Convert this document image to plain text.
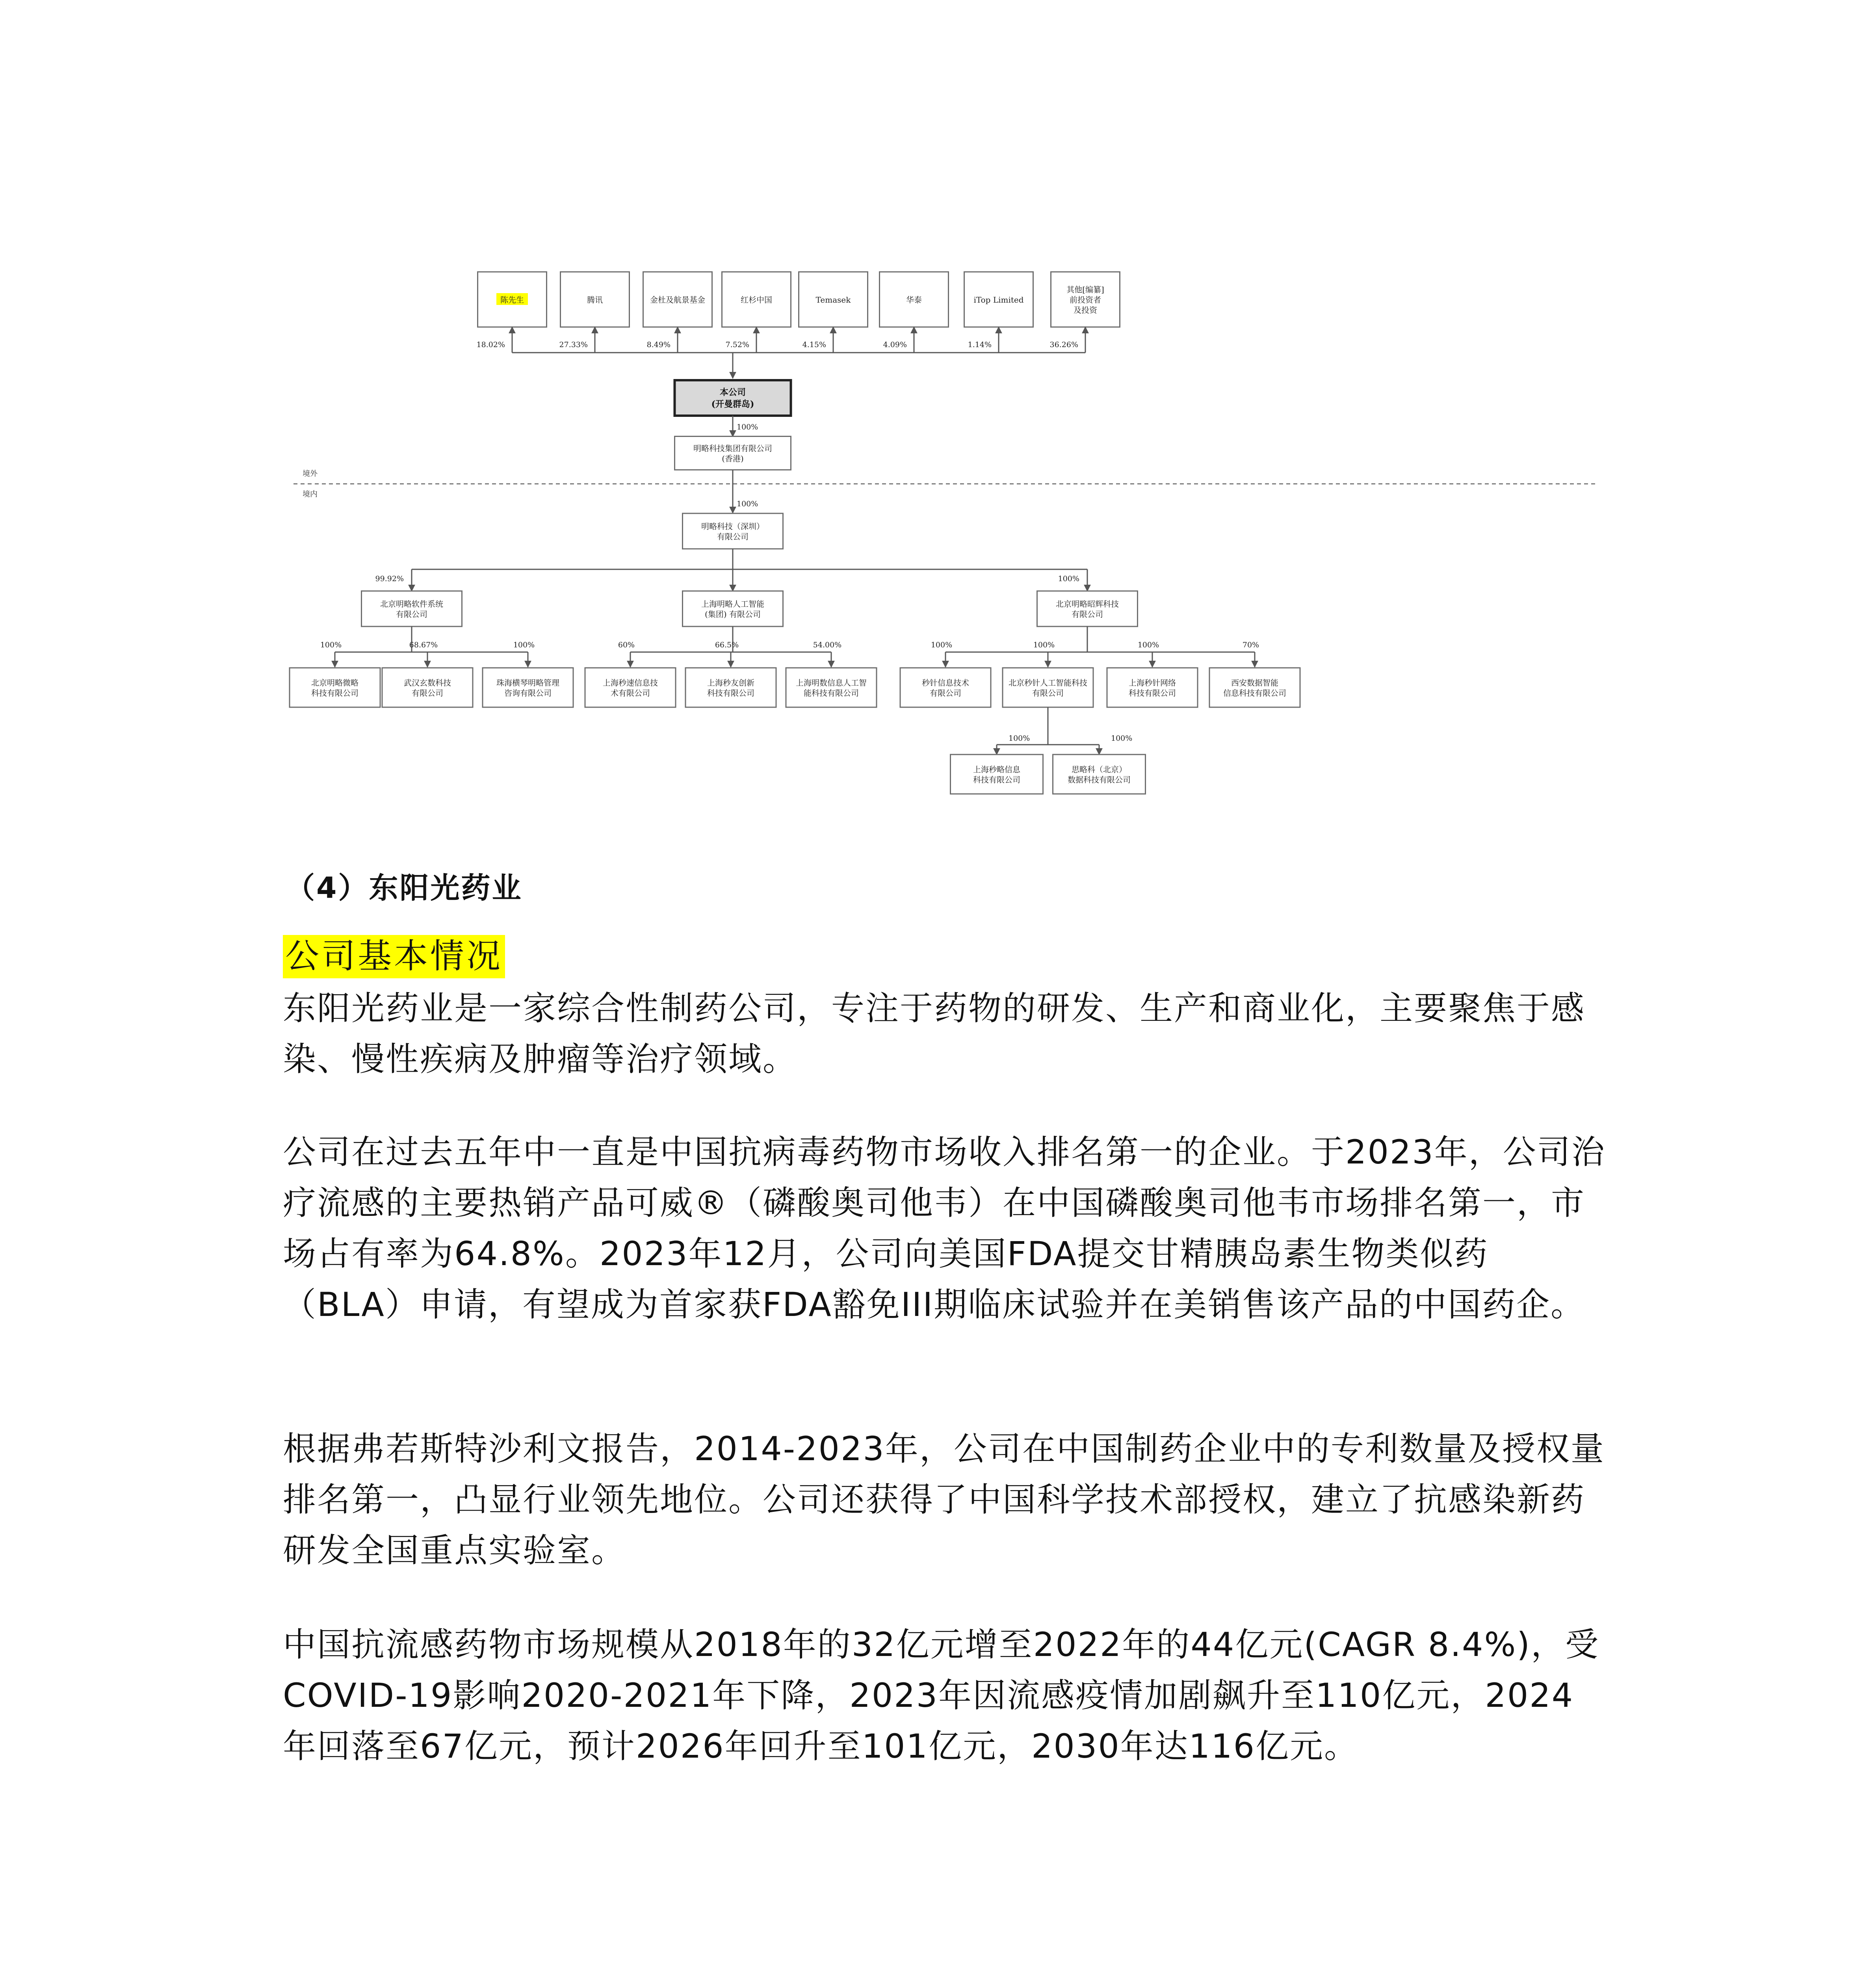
陈先生
18.02%
腾讯
27.33%
金杜及航景基金
8.49%
红杉中国
7.52%
Temasek
4.15%
华泰
4.09%
iTop Limited
1.14%
其他[编纂]
前投资者
及投资
36.26%
本公司
(开曼群岛)
100%
明略科技集团有限公司
(香港)
境外
境内
100%
明略科技（深圳）
有限公司
99.92%
北京明略软件系统
有限公司
上海明略人工智能
(集团) 有限公司
100%
北京明略昭辉科技
有限公司
100%
北京明略微略
科技有限公司
68.67%
武汉玄数科技
有限公司
100%
珠海横琴明略管理
咨询有限公司
60%
上海秒速信息技
术有限公司
66.5%
上海秒友创新
科技有限公司
54.00%
上海明数信息人工智
能科技有限公司
100%
秒针信息技术
有限公司
100%
北京秒针人工智能科技
有限公司
100%
上海秒针网络
科技有限公司
70%
西安数据智能
信息科技有限公司
100%
上海秒略信息
科技有限公司
100%
思略科（北京）
数据科技有限公司
（4）东阳光药业
公司基本情况

东阳光药业是一家综合性制药公司，专注于药物的研发、生产和商业化，主要聚焦于感染、慢性疾病及肿瘤等治疗领域。

公司在过去五年中一直是中国抗病毒药物市场收入排名第一的企业。于2023年，公司治疗流感的主要热销产品可威®（磷酸奥司他韦）在中国磷酸奥司他韦市场排名第一，市场占有率为64.8%。2023年12月，公司向美国FDA提交甘精胰岛素生物类似药（BLA）申请，有望成为首家获FDA豁免III期临床试验并在美销售该产品的中国药企。

根据弗若斯特沙利文报告，2014-2023年，公司在中国制药企业中的专利数量及授权量排名第一，凸显行业领先地位。公司还获得了中国科学技术部授权，建立了抗感染新药研发全国重点实验室。

中国抗流感药物市场规模从2018年的32亿元增至2022年的44亿元(CAGR 8.4%)，受COVID-19影响2020-2021年下降，2023年因流感疫情加剧飙升至110亿元，2024年回落至67亿元，预计2026年回升至101亿元，2030年达116亿元。
